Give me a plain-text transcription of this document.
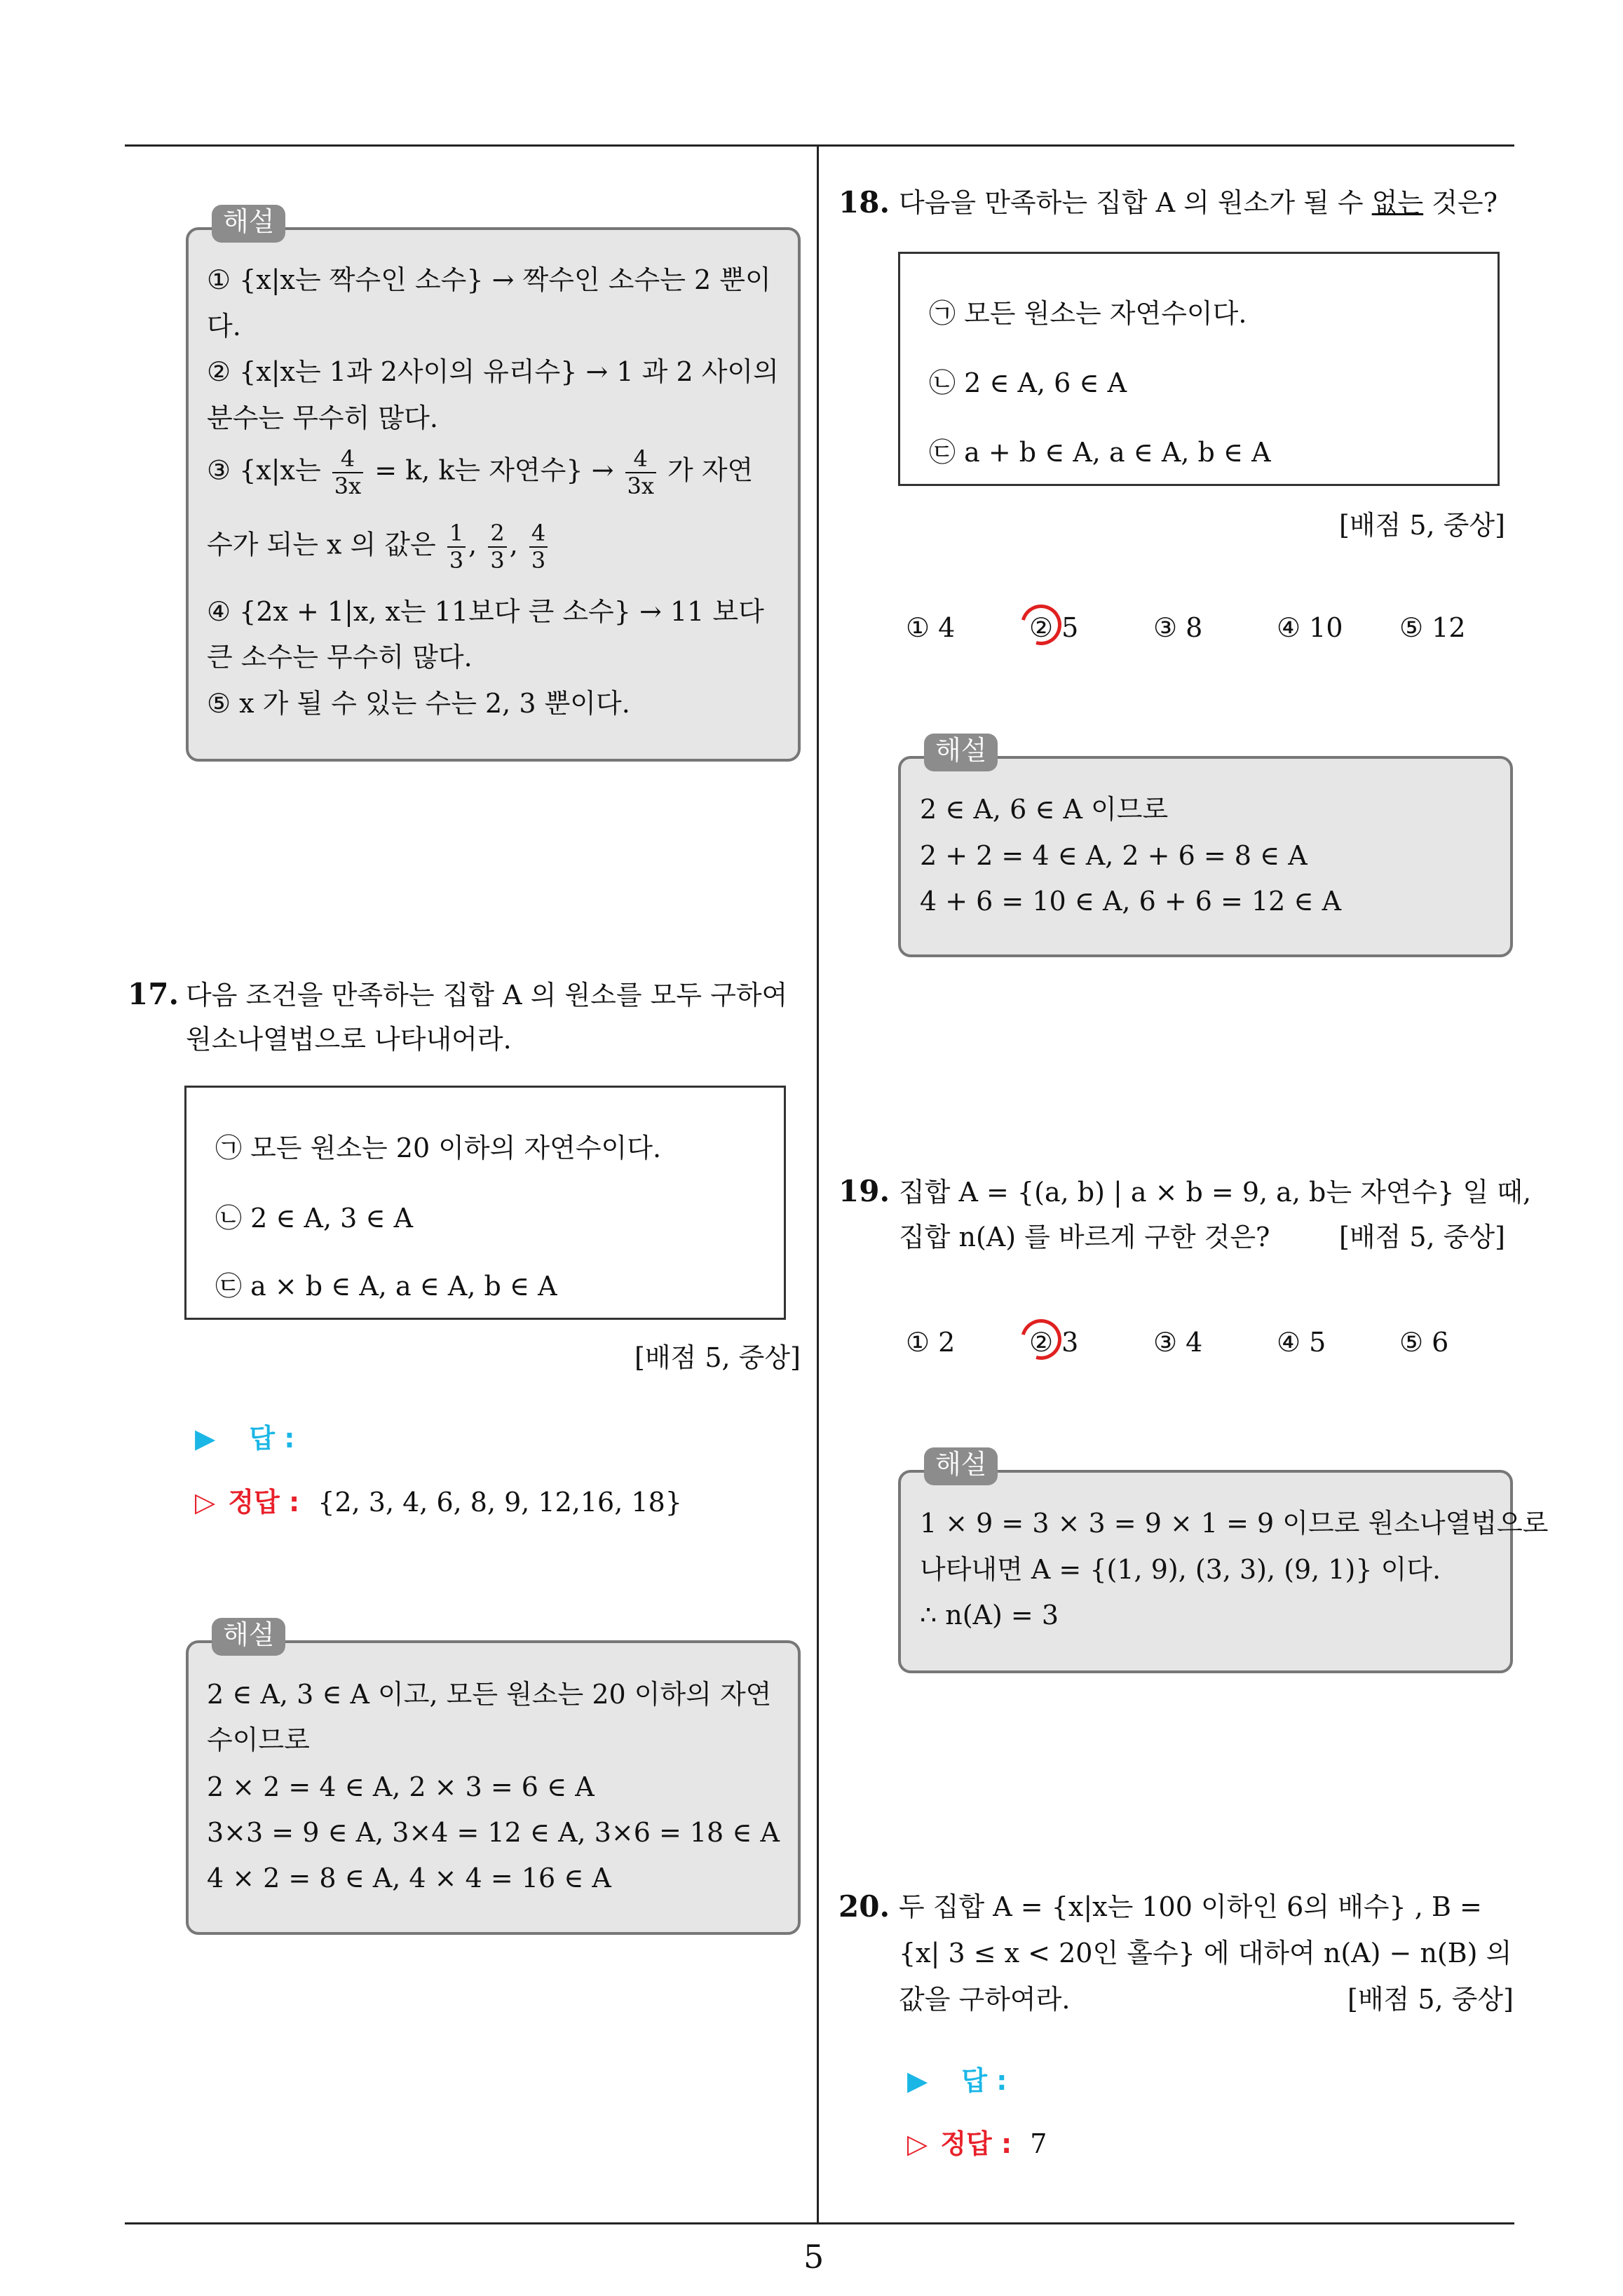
해설
① {x|x는 짝수인 소수} → 짝수인 소수는 2 뿐이
다.
② {x|x는 1과 2사이의 유리수} → 1 과 2 사이의
분수는 무수히 많다.
③ {x|x는 $\frac{4}{3x} = k$, k는 자연수} → $\frac{4}{3x}$ 가 자연
수가 되는 x 의 값은 $\frac{1}{3}$ , $\frac{2}{3}$ , $\frac{4}{3}$
④ {2x + 1|x, x는 11보다 큰 소수} → 11 보다
큰 소수는 무수히 많다.
⑤ x 가 될 수 있는 수는 2, 3 뿐이다.
17. 다음 조건을 만족하는 집합 A 의 원소를 모두 구하여
원소나열법으로 나타내어라.
㉠ 모든 원소는 20 이하의 자연수이다.
㉡ 2 ∈ A, 3 ∈ A
㉢ a × b ∈ A, a ∈ A, b ∈ A
[배점 5, 중상]
▶ 답 :
▷ 정답 : {2, 3, 4, 6, 8, 9, 12,16, 18}
해설
2 ∈ A, 3 ∈ A 이고, 모든 원소는 20 이하의 자연
수이므로
2 × 2 = 4 ∈ A, 2 × 3 = 6 ∈ A
3×3 = 9 ∈ A, 3×4 = 12 ∈ A, 3×6 = 18 ∈ A
4 × 2 = 8 ∈ A, 4 × 4 = 16 ∈ A
18. 다음을 만족하는 집합 A 의 원소가 될 수 없는 것은?
㉠ 모든 원소는 자연수이다.
㉡ 2 ∈ A, 6 ∈ A
㉢ a + b ∈ A, a ∈ A, b ∈ A
[배점 5, 중상]
① 4	② 5	③ 8	④ 10 ⑤ 12
해설
2 ∈ A, 6 ∈ A 이므로
2 + 2 = 4 ∈ A, 2 + 6 = 8 ∈ A
4 + 6 = 10 ∈ A, 6 + 6 = 12 ∈ A
19. 집합 A = {(a, b) | a × b = 9, a, b는 자연수} 일 때,
집합 n(A) 를 바르게 구한 것은?	[배점 5, 중상]
① 2	② 3	③ 4	④ 5	⑤ 6
해설
1 × 9 = 3 × 3 = 9 × 1 = 9 이므로 원소나열법으로
나타내면 A = {(1, 9), (3, 3), (9, 1)} 이다.
∴ n(A) = 3
20. 두 집합 A = {x|x는 100 이하인 6의 배수} , B =
{x| 3 ≤ x < 20인 홀수} 에 대하여 n(A) − n(B) 의
값을 구하여라.	[배점 5, 중상]
▶ 답 :
▷ 정답 : 7
5
